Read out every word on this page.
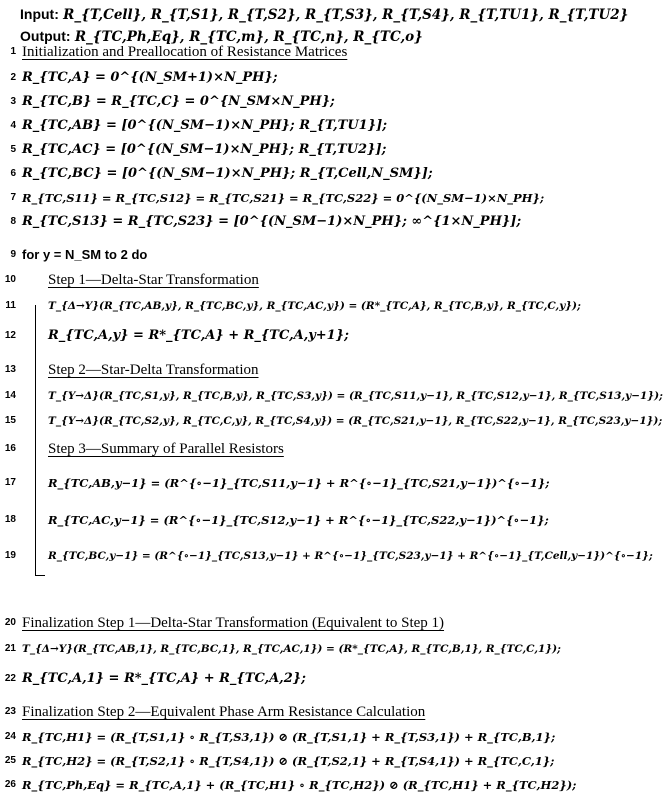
Input: R_{T,Cell}, R_{T,S1}, R_{T,S2}, R_{T,S3}, R_{T,S4}, R_{T,TU1}, R_{T,TU2}
Output: R_{TC,Ph,Eq}, R_{TC,m}, R_{TC,n}, R_{TC,o}
1 Initialization and Preallocation of Resistance Matrices
2 R_{TC,A} = 0^{(N_SM+1)×N_PH};
3 R_{TC,B} = R_{TC,C} = 0^{N_SM×N_PH};
4 R_{TC,AB} = [0^{(N_SM−1)×N_PH}; R_{T,TU1}];
5 R_{TC,AC} = [0^{(N_SM−1)×N_PH}; R_{T,TU2}];
6 R_{TC,BC} = [0^{(N_SM−1)×N_PH}; R_{T,Cell,N_SM}];
7 R_{TC,S11} = R_{TC,S12} = R_{TC,S21} = R_{TC,S22} = 0^{(N_SM−1)×N_PH};
8 R_{TC,S13} = R_{TC,S23} = [0^{(N_SM−1)×N_PH}; ∞^{1×N_PH}];
9 for y = N_SM to 2 do
10 Step 1—Delta-Star Transformation
11	T_{Δ→Y}(R_{TC,AB,y}, R_{TC,BC,y}, R_{TC,AC,y}) = (R*_{TC,A}, R_{TC,B,y}, R_{TC,C,y});
12 R_{TC,A,y} = R*_{TC,A} + R_{TC,A,y+1};
13 Step 2—Star-Delta Transformation
14	T_{Y→Δ}(R_{TC,S1,y}, R_{TC,B,y}, R_{TC,S3,y}) = (R_{TC,S11,y−1}, R_{TC,S12,y−1}, R_{TC,S13,y−1});
15	T_{Y→Δ}(R_{TC,S2,y}, R_{TC,C,y}, R_{TC,S4,y}) = (R_{TC,S21,y−1}, R_{TC,S22,y−1}, R_{TC,S23,y−1});
16 Step 3—Summary of Parallel Resistors
17	R_{TC,AB,y−1} = (R^{∘−1}_{TC,S11,y−1} + R^{∘−1}_{TC,S21,y−1})^{∘−1};
18	R_{TC,AC,y−1} = (R^{∘−1}_{TC,S12,y−1} + R^{∘−1}_{TC,S22,y−1})^{∘−1};
19	R_{TC,BC,y−1} = (R^{∘−1}_{TC,S13,y−1} + R^{∘−1}_{TC,S23,y−1} + R^{∘−1}_{T,Cell,y−1})^{∘−1};
20 Finalization Step 1—Delta-Star Transformation (Equivalent to Step 1)
21 T_{Δ→Y}(R_{TC,AB,1}, R_{TC,BC,1}, R_{TC,AC,1}) = (R*_{TC,A}, R_{TC,B,1}, R_{TC,C,1});
22 R_{TC,A,1} = R*_{TC,A} + R_{TC,A,2};
23 Finalization Step 2—Equivalent Phase Arm Resistance Calculation
24 R_{TC,H1} = (R_{T,S1,1} ∘ R_{T,S3,1}) ⊘ (R_{T,S1,1} + R_{T,S3,1}) + R_{TC,B,1};
25 R_{TC,H2} = (R_{T,S2,1} ∘ R_{T,S4,1}) ⊘ (R_{T,S2,1} + R_{T,S4,1}) + R_{TC,C,1};
26 R_{TC,Ph,Eq} = R_{TC,A,1} + (R_{TC,H1} ∘ R_{TC,H2}) ⊘ (R_{TC,H1} + R_{TC,H2});
